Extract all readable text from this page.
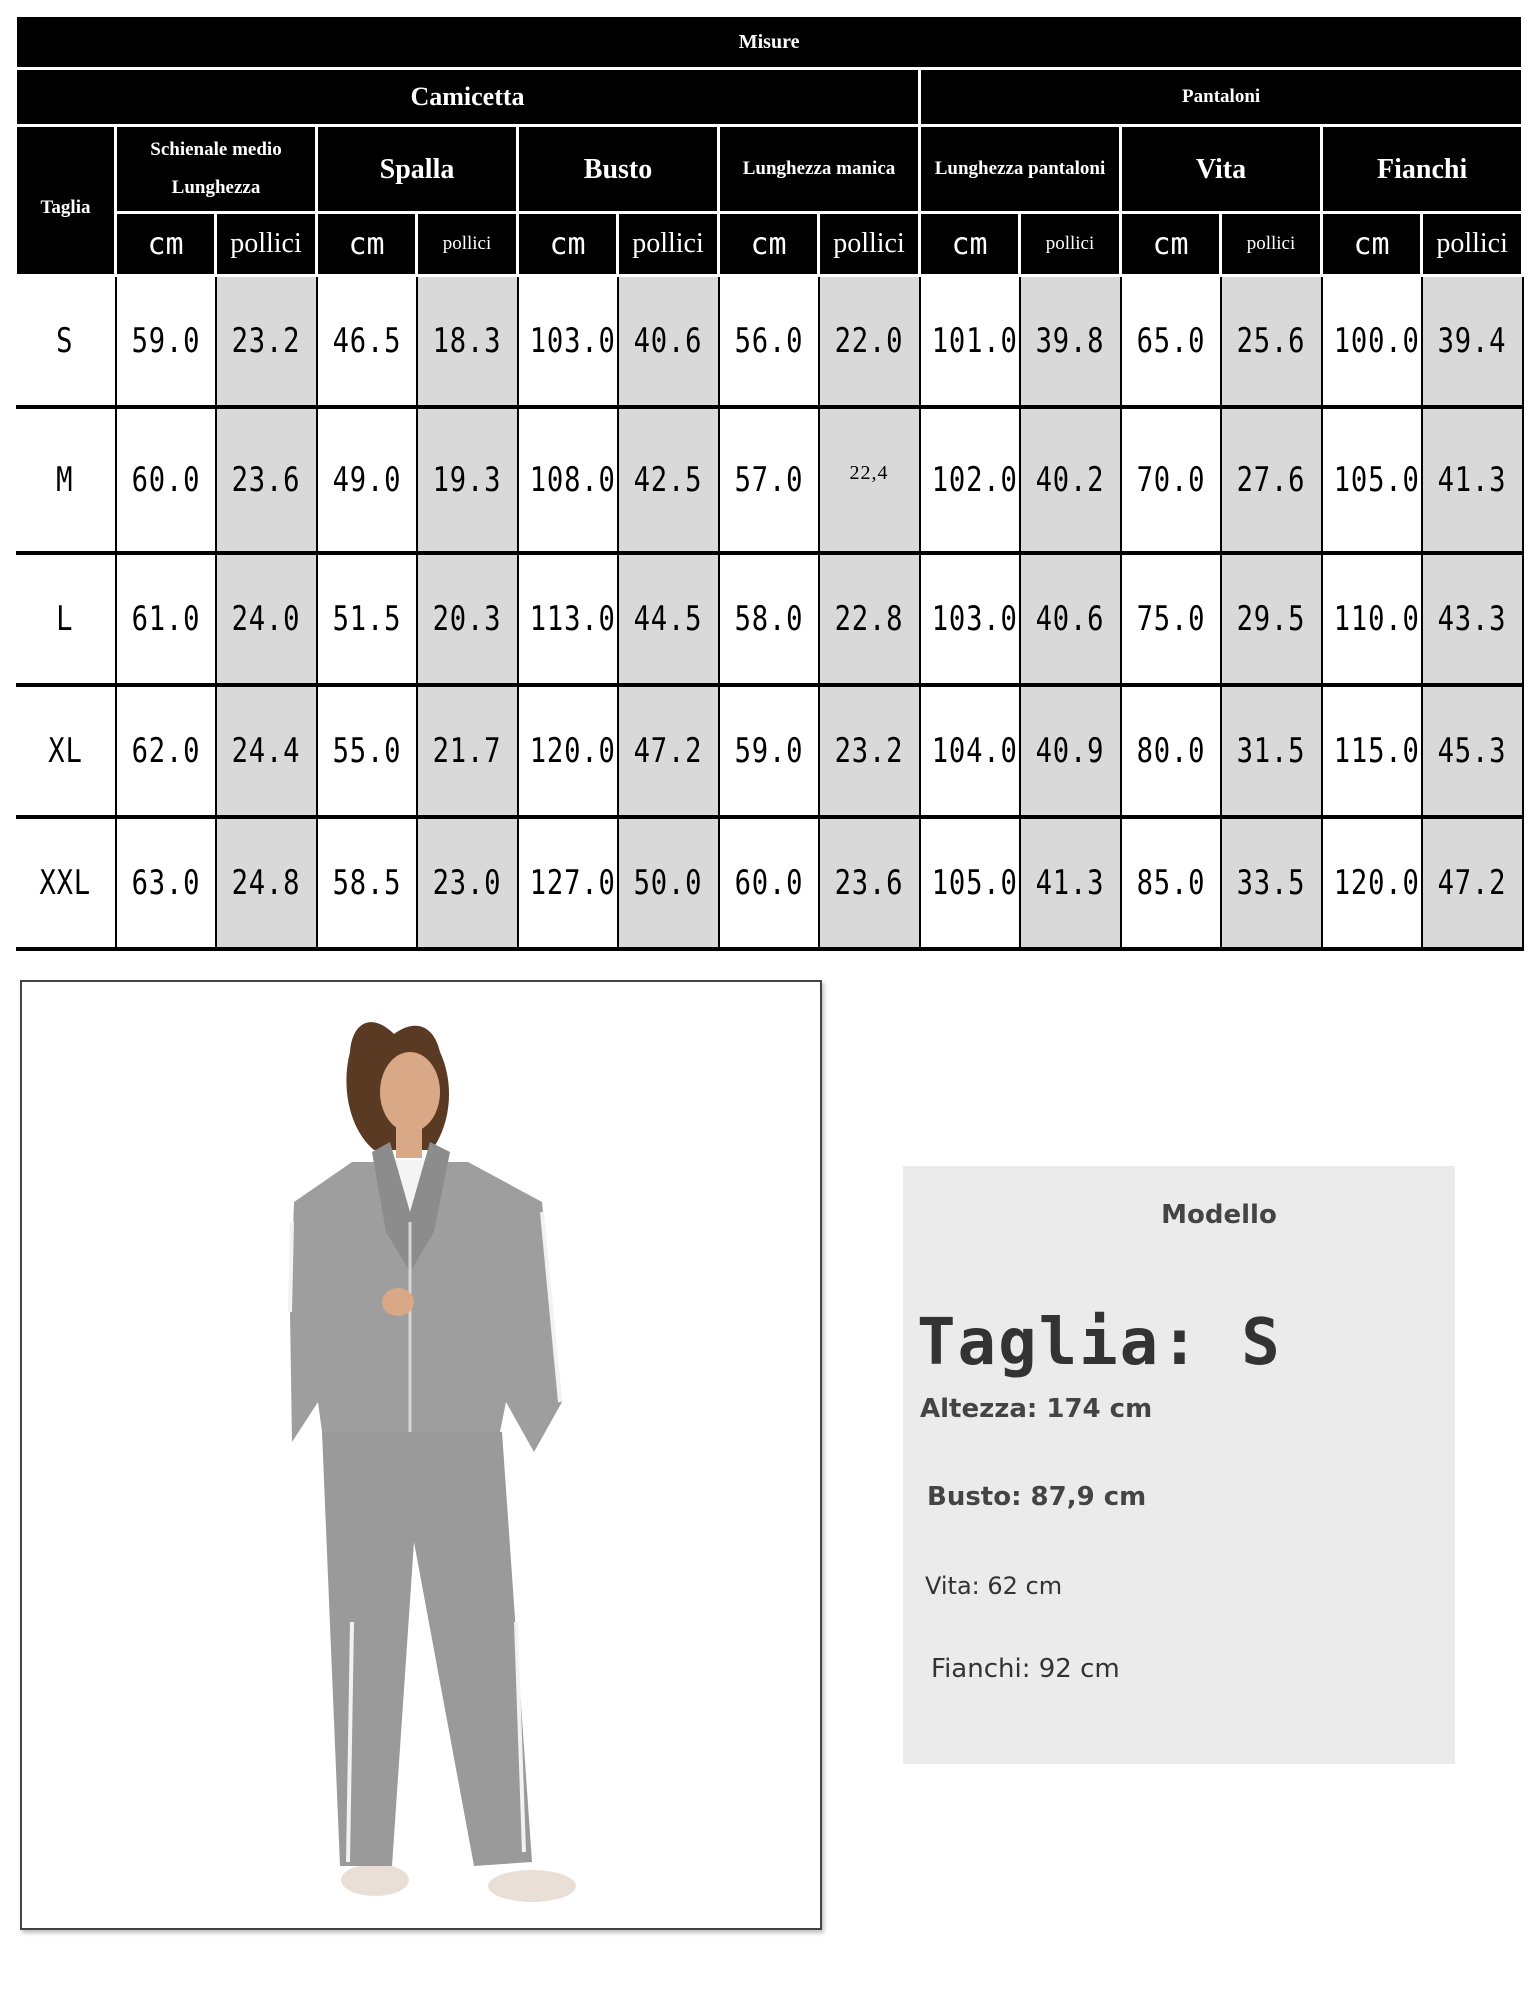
Misure														
Camicetta									Pantaloni					
Taglia	Schienale medio
Lunghezza		Spalla		Busto		Lunghezza manica		Lunghezza pantaloni		Vita		Fianchi	
	cm	pollici	cm	pollici	cm	pollici	cm	pollici	cm	pollici	cm	pollici	cm	pollici
S	59.0	23.2	46.5	18.3	103.0	40.6	56.0	22.0	101.0	39.8	65.0	25.6	100.0	39.4
M	60.0	23.6	49.0	19.3	108.0	42.5	57.0	22,4	102.0	40.2	70.0	27.6	105.0	41.3
L	61.0	24.0	51.5	20.3	113.0	44.5	58.0	22.8	103.0	40.6	75.0	29.5	110.0	43.3
XL	62.0	24.4	55.0	21.7	120.0	47.2	59.0	23.2	104.0	40.9	80.0	31.5	115.0	45.3
XXL	63.0	24.8	58.5	23.0	127.0	50.0	60.0	23.6	105.0	41.3	85.0	33.5	120.0	47.2
Modello
Taglia: S
Altezza: 174 cm
Busto: 87,9 cm
Vita: 62 cm
Fianchi: 92 cm
